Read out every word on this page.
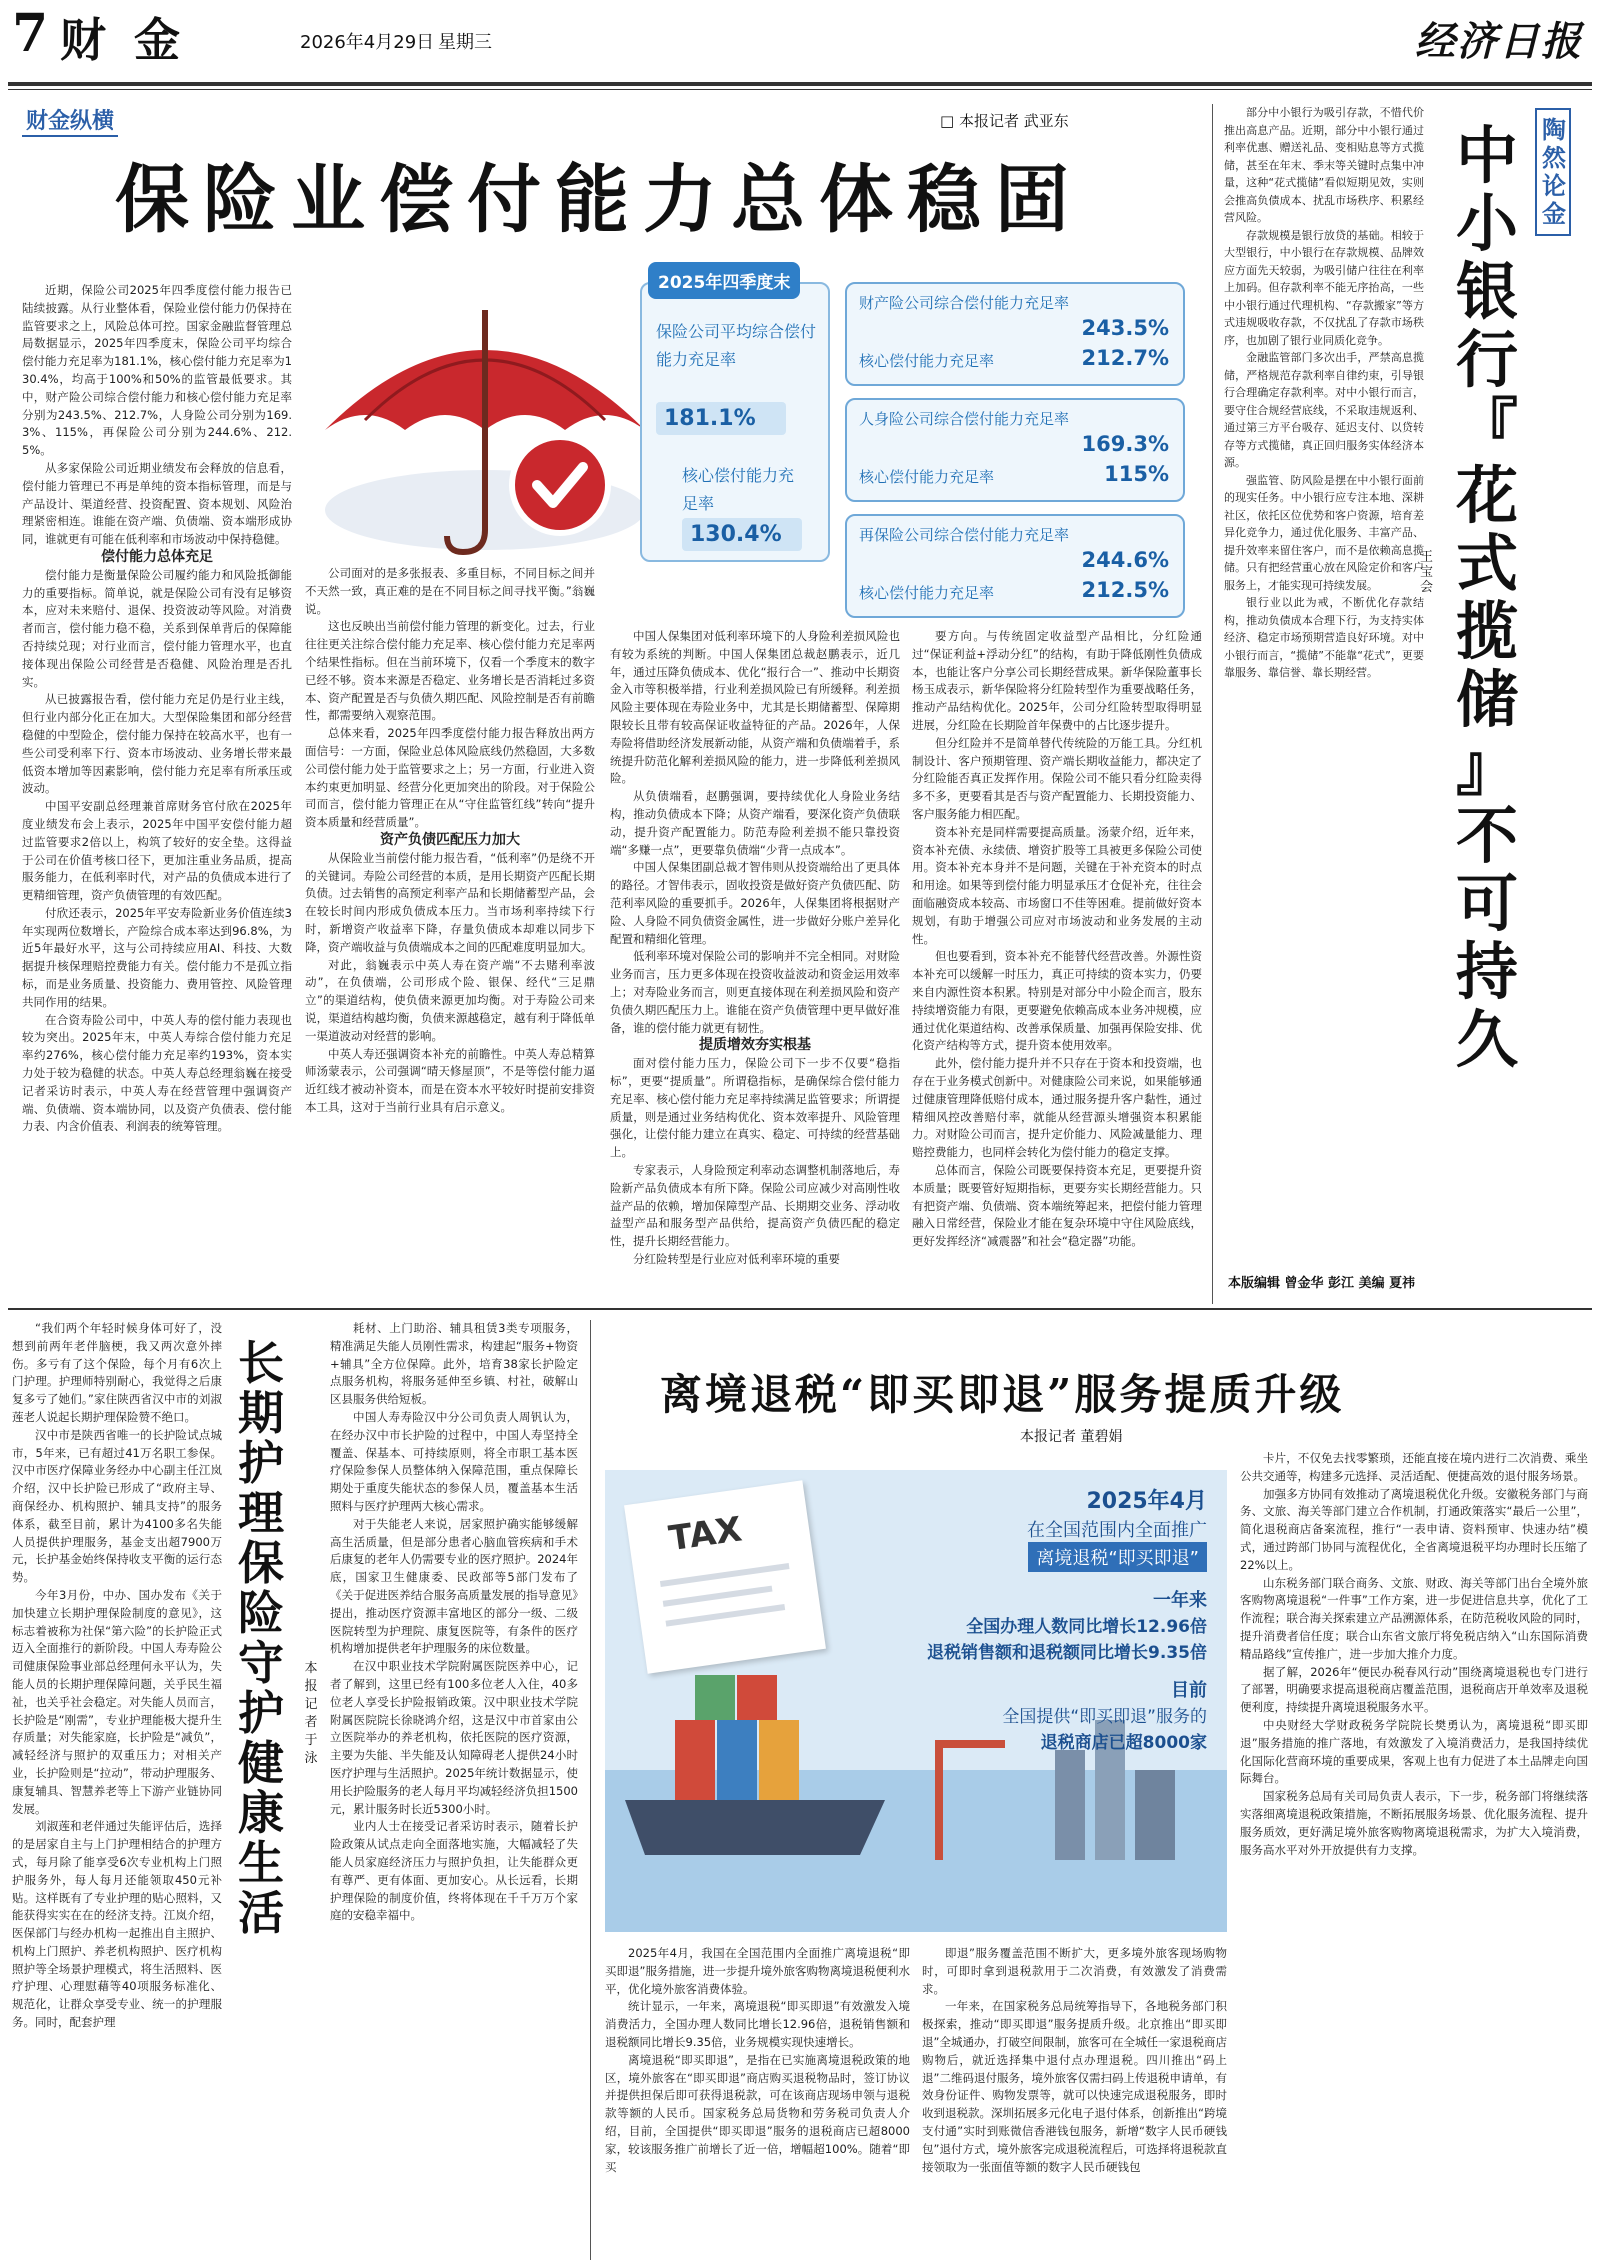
7 财 金	2026年4月29日 星期三	经济日报
财金纵横	□ 本报记者 武亚东
保险业偿付能力总体稳固
2025年四季度末
保险公司平均综合偿付能力充足率
181.1%
核心偿付能力充足率
130.4%
财产险公司综合偿付能力充足率
243.5%
核心偿付能力充足率	212.7%
人身险公司综合偿付能力充足率
169.3%
核心偿付能力充足率	115%
再保险公司综合偿付能力充足率
244.6%
核心偿付能力充足率	212.5%

近期，保险公司2025年四季度偿付能力报告已陆续披露。从行业整体看，保险业偿付能力仍保持在监管要求之上，风险总体可控。国家金融监督管理总局数据显示，2025年四季度末，保险公司平均综合偿付能力充足率为181.1%，核心偿付能力充足率为130.4%，均高于100%和50%的监管最低要求。其中，财产险公司综合偿付能力和核心偿付能力充足率分别为243.5%、212.7%，人身险公司分别为169.3%、115%，再保险公司分别为244.6%、212.5%。

从多家保险公司近期业绩发布会释放的信息看，偿付能力管理已不再是单纯的资本指标管理，而是与产品设计、渠道经营、投资配置、资本规划、风险治理紧密相连。谁能在资产端、负债端、资本端形成协同，谁就更有可能在低利率和市场波动中保持稳健。

偿付能力总体充足

偿付能力是衡量保险公司履约能力和风险抵御能力的重要指标。简单说，就是保险公司有没有足够资本，应对未来赔付、退保、投资波动等风险。对消费者而言，偿付能力稳不稳，关系到保单背后的保障能否持续兑现；对行业而言，偿付能力管理水平，也直接体现出保险公司经营是否稳健、风险治理是否扎实。

从已披露报告看，偿付能力充足仍是行业主线，但行业内部分化正在加大。大型保险集团和部分经营稳健的中型险企，偿付能力保持在较高水平，也有一些公司受利率下行、资本市场波动、业务增长带来最低资本增加等因素影响，偿付能力充足率有所承压或波动。

中国平安副总经理兼首席财务官付欣在2025年度业绩发布会上表示，2025年中国平安偿付能力超过监管要求2倍以上，构筑了较好的安全垫。这得益于公司在价值考核口径下，更加注重业务品质，提高服务能力，在低利率时代，对产品的负债成本进行了更精细管理，资产负债管理的有效匹配。

付欣还表示，2025年平安寿险新业务价值连续3年实现两位数增长，产险综合成本率达到96.8%，为近5年最好水平，这与公司持续应用AI、科技、大数据提升核保理赔控费能力有关。偿付能力不是孤立指标，而是业务质量、投资能力、费用管控、风险管理共同作用的结果。

在合资寿险公司中，中英人寿的偿付能力表现也较为突出。2025年末，中英人寿综合偿付能力充足率约276%，核心偿付能力充足率约193%，资本实力处于较为稳健的状态。中英人寿总经理翁巍在接受记者采访时表示，中英人寿在经营管理中强调资产端、负债端、资本端协同，以及资产负债表、偿付能力表、内含价值表、利润表的统筹管理。

公司面对的是多张报表、多重目标，不同目标之间并不天然一致，真正难的是在不同目标之间寻找平衡。”翁巍说。

这也反映出当前偿付能力管理的新变化。过去，行业往往更关注综合偿付能力充足率、核心偿付能力充足率两个结果性指标。但在当前环境下，仅看一个季度末的数字已经不够。资本来源是否稳定、业务增长是否消耗过多资本、资产配置是否与负债久期匹配、风险控制是否有前瞻性，都需要纳入观察范围。

总体来看，2025年四季度偿付能力报告释放出两方面信号：一方面，保险业总体风险底线仍然稳固，大多数公司偿付能力处于监管要求之上；另一方面，行业进入资本约束更加明显、经营分化更加突出的阶段。对于保险公司而言，偿付能力管理正在从“守住监管红线”转向“提升资本质量和经营质量”。

资产负债匹配压力加大

从保险业当前偿付能力报告看，“低利率”仍是绕不开的关键词。寿险公司经营的本质，是用长期资产匹配长期负债。过去销售的高预定利率产品和长期储蓄型产品，会在较长时间内形成负债成本压力。当市场利率持续下行时，新增资产收益率下降，存量负债成本却难以同步下降，资产端收益与负债端成本之间的匹配难度明显加大。

对此，翁巍表示中英人寿在资产端“不去赌利率波动”，在负债端，公司形成个险、银保、经代“三足鼎立”的渠道结构，使负债来源更加均衡。对于寿险公司来说，渠道结构越均衡，负债来源越稳定，越有利于降低单一渠道波动对经营的影响。

中英人寿还强调资本补充的前瞻性。中英人寿总精算师汤蒙表示，公司强调“晴天修屋顶”，不是等偿付能力逼近红线才被动补资本，而是在资本水平较好时提前安排资本工具，这对于当前行业具有启示意义。

中国人保集团对低利率环境下的人身险利差损风险也有较为系统的判断。中国人保集团总裁赵鹏表示，近几年，通过压降负债成本、优化“报行合一”、推动中长期资金入市等积极举措，行业利差损风险已有所缓释。利差损风险主要体现在寿险业务中，尤其是长期储蓄型、保障期限较长且带有较高保证收益特征的产品。2026年，人保寿险将借助经济发展新动能，从资产端和负债端着手，系统提升防范化解利差损风险的能力，进一步降低利差损风险。

从负债端看，赵鹏强调，要持续优化人身险业务结构，推动负债成本下降；从资产端看，要深化资产负债联动，提升资产配置能力。防范寿险利差损不能只靠投资端“多赚一点”，更要靠负债端“少背一点成本”。

中国人保集团副总裁才智伟则从投资端给出了更具体的路径。才智伟表示，固收投资是做好资产负债匹配、防范利率风险的重要抓手。2026年，人保集团将根据财产险、人身险不同负债资金属性，进一步做好分账户差异化配置和精细化管理。

低利率环境对保险公司的影响并不完全相同。对财险业务而言，压力更多体现在投资收益波动和资金运用效率上；对寿险业务而言，则更直接体现在利差损风险和资产负债久期匹配压力上。谁能在资产负债管理中更早做好准备，谁的偿付能力就更有韧性。

提质增效夯实根基

面对偿付能力压力，保险公司下一步不仅要“稳指标”，更要“提质量”。所谓稳指标，是确保综合偿付能力充足率、核心偿付能力充足率持续满足监管要求；所谓提质量，则是通过业务结构优化、资本效率提升、风险管理强化，让偿付能力建立在真实、稳定、可持续的经营基础上。

专家表示，人身险预定利率动态调整机制落地后，寿险新产品负债成本有所下降。保险公司应减少对高刚性收益产品的依赖，增加保障型产品、长期期交业务、浮动收益型产品和服务型产品供给，提高资产负债匹配的稳定性，提升长期经营能力。

分红险转型是行业应对低利率环境的重要

要方向。与传统固定收益型产品相比，分红险通过“保证利益+浮动分红”的结构，有助于降低刚性负债成本，也能让客户分享公司长期经营成果。新华保险董事长杨玉成表示，新华保险将分红险转型作为重要战略任务，推动产品结构优化。2025年，公司分红险转型取得明显进展，分红险在长期险首年保费中的占比逐步提升。

但分红险并不是简单替代传统险的万能工具。分红机制设计、客户预期管理、资产端长期收益能力，都决定了分红险能否真正发挥作用。保险公司不能只看分红险卖得多不多，更要看其是否与资产配置能力、长期投资能力、客户服务能力相匹配。

资本补充是同样需要提高质量。汤蒙介绍，近年来，资本补充债、永续债、增资扩股等工具被更多保险公司使用。资本补充本身并不是问题，关键在于补充资本的时点和用途。如果等到偿付能力明显承压才仓促补充，往往会面临融资成本较高、市场窗口不佳等困难。提前做好资本规划，有助于增强公司应对市场波动和业务发展的主动性。

但也要看到，资本补充不能替代经营改善。外源性资本补充可以缓解一时压力，真正可持续的资本实力，仍要来自内源性资本积累。特别是对部分中小险企而言，股东持续增资能力有限，更要避免依赖高成本业务冲规模，应通过优化渠道结构、改善承保质量、加强再保险安排、优化资产结构等方式，提升资本使用效率。

此外，偿付能力提升并不只存在于资本和投资端，也存在于业务模式创新中。对健康险公司来说，如果能够通过健康管理降低赔付成本，通过服务提升客户黏性，通过精细风控改善赔付率，就能从经营源头增强资本积累能力。对财险公司而言，提升定价能力、风险减量能力、理赔控费能力，也同样会转化为偿付能力的稳定支撑。

总体而言，保险公司既要保持资本充足，更要提升资本质量；既要管好短期指标，更要夯实长期经营能力。只有把资产端、负债端、资本端统筹起来，把偿付能力管理融入日常经营，保险业才能在复杂环境中守住风险底线，更好发挥经济“减震器”和社会“稳定器”功能。

陶然论金
中
小
银
行
『
花
式
揽
储
』
不
可
持
久
王宝会

部分中小银行为吸引存款，不惜代价推出高息产品。近期，部分中小银行通过利率优惠、赠送礼品、变相贴息等方式揽储，甚至在年末、季末等关键时点集中冲量，这种“花式揽储”看似短期见效，实则会推高负债成本、扰乱市场秩序、积累经营风险。

存款规模是银行放贷的基础。相较于大型银行，中小银行在存款规模、品牌效应方面先天较弱，为吸引储户往往在利率上加码。但存款利率不能无序抬高，一些中小银行通过代理机构、“存款搬家”等方式违规吸收存款，不仅扰乱了存款市场秩序，也加剧了银行业同质化竞争。

金融监管部门多次出手，严禁高息揽储，严格规范存款利率自律约束，引导银行合理确定存款利率。对中小银行而言，要守住合规经营底线，不采取违规返利、通过第三方平台吸存、延迟支付、以贷转存等方式揽储，真正回归服务实体经济本源。

强监管、防风险是摆在中小银行面前的现实任务。中小银行应专注本地、深耕社区，依托区位优势和客户资源，培育差异化竞争力，通过优化服务、丰富产品、提升效率来留住客户，而不是依赖高息揽储。只有把经营重心放在风险定价和客户服务上，才能实现可持续发展。

银行业以此为戒，不断优化存款结构，推动负债成本合理下行，为支持实体经济、稳定市场预期营造良好环境。对中小银行而言，“揽储”不能靠“花式”，更要靠服务、靠信誉、靠长期经营。

本版编辑 曾金华 彭江 美编 夏祎
长
期
护
理
保
险
守
护
健
康
生
活
本
报
记
者
于
泳

“我们两个年轻时候身体可好了，没想到前两年老伴脑梗，我又两次意外摔伤。多亏有了这个保险，每个月有6次上门护理。护理师特别耐心，我觉得之后康复多亏了她们。”家住陕西省汉中市的刘淑莲老人说起长期护理保险赞不绝口。

汉中市是陕西省唯一的长护险试点城市，5年来，已有超过41万名职工参保。汉中市医疗保障业务经办中心副主任江岚介绍，汉中长护险已形成了“政府主导、商保经办、机构照护、辅具支持”的服务体系，截至目前，累计为4100多名失能人员提供护理服务，基金支出超7900万元，长护基金始终保持收支平衡的运行态势。

今年3月份，中办、国办发布《关于加快建立长期护理保险制度的意见》，这标志着被称为社保“第六险”的长护险正式迈入全面推行的新阶段。中国人寿寿险公司健康保险事业部总经理何永平认为，失能人员的长期护理保障问题，关乎民生福祉，也关乎社会稳定。对失能人员而言，长护险是“刚需”，专业护理能极大提升生存质量；对失能家庭，长护险是“减负”，减轻经济与照护的双重压力；对相关产业，长护险则是“拉动”，带动护理服务、康复辅具、智慧养老等上下游产业链协同发展。

刘淑莲和老伴通过失能评估后，选择的是居家自主与上门护理相结合的护理方式，每月除了能享受6次专业机构上门照护服务外，每人每月还能领取450元补贴。这样既有了专业护理的贴心照料，又能获得实实在在的经济支持。江岚介绍，医保部门与经办机构一起推出自主照护、机构上门照护、养老机构照护、医疗机构照护等全场景护理模式，将生活照料、医疗护理、心理慰藉等40项服务标准化、规范化，让群众享受专业、统一的护理服务。同时，配套护理

耗材、上门助浴、辅具租赁3类专项服务，精准满足失能人员刚性需求，构建起“服务+物资+辅具”全方位保障。此外，培育38家长护险定点服务机构，将服务延伸至乡镇、村社，破解山区县服务供给短板。

中国人寿寿险汉中分公司负责人周钒认为，在经办汉中市长护险的过程中，中国人寿坚持全覆盖、保基本、可持续原则，将全市职工基本医疗保险参保人员整体纳入保障范围，重点保障长期处于重度失能状态的参保人员，覆盖基本生活照料与医疗护理两大核心需求。

对于失能老人来说，居家照护确实能够缓解高生活质量，但是部分患者心脑血管疾病和手术后康复的老年人仍需要专业的医疗照护。2024年底，国家卫生健康委、民政部等5部门发布了《关于促进医养结合服务高质量发展的指导意见》提出，推动医疗资源丰富地区的部分一级、二级医院转型为护理院、康复医院等，有条件的医疗机构增加提供老年护理服务的床位数量。

在汉中职业技术学院附属医院医养中心，记者了解到，这里已经有100多位老人入住，40多位老人享受长护险报销政策。汉中职业技术学院附属医院院长徐晓鸿介绍，这是汉中市首家由公立医院举办的养老机构，依托医院的医疗资源，主要为失能、半失能及认知障碍老人提供24小时医疗护理与生活照护。2025年统计数据显示，使用长护险服务的老人每月平均减轻经济负担1500元，累计服务时长近5300小时。

业内人士在接受记者采访时表示，随着长护险政策从试点走向全面落地实施，大幅减轻了失能人员家庭经济压力与照护负担，让失能群众更有尊严、更有体面、更加安心。从长远看，长期护理保险的制度价值，终将体现在千千万万个家庭的安稳幸福中。

离境退税“即买即退”服务提质升级
本报记者 董碧娟
TAX
2025年4月
在全国范围内全面推广
离境退税“即买即退”
一年来
全国办理人数同比增长12.96倍
退税销售额和退税额同比增长9.35倍
目前
全国提供“即买即退”服务的
退税商店已超8000家

2025年4月，我国在全国范围内全面推广离境退税“即买即退”服务措施，进一步提升境外旅客购物离境退税便利水平，优化境外旅客消费体验。

统计显示，一年来，离境退税“即买即退”有效激发入境消费活力，全国办理人数同比增长12.96倍，退税销售额和退税额同比增长9.35倍，业务规模实现快速增长。

离境退税“即买即退”，是指在已实施离境退税政策的地区，境外旅客在“即买即退”商店购买退税物品时，签订协议并提供担保后即可获得退税款，可在该商店现场申领与退税款等额的人民币。国家税务总局货物和劳务税司负责人介绍，目前，全国提供“即买即退”服务的退税商店已超8000家，较该服务推广前增长了近一倍，增幅超100%。随着“即买

即退”服务覆盖范围不断扩大，更多境外旅客现场购物时，可即时拿到退税款用于二次消费，有效激发了消费需求。

一年来，在国家税务总局统筹指导下，各地税务部门积极探索，推动“即买即退”服务提质升级。北京推出“即买即退”全城通办，打破空间限制，旅客可在全城任一家退税商店购物后，就近选择集中退付点办理退税。四川推出“码上退”二维码退付服务，境外旅客仅需扫码上传退税申请单，有效身份证件、购物发票等，就可以快速完成退税服务，即时收到退税款。深圳拓展多元化电子退付体系，创新推出“跨境支付通”实时到账微信香港钱包服务，新增“数字人民币硬钱包”退付方式，境外旅客完成退税流程后，可选择将退税款直接领取为一张面值等额的数字人民币硬钱包

卡片，不仅免去找零繁琐，还能直接在境内进行二次消费、乘坐公共交通等，构建多元选择、灵活适配、便捷高效的退付服务场景。

加强多方协同有效推动了离境退税优化升级。安徽税务部门与商务、文旅、海关等部门建立合作机制，打通政策落实“最后一公里”，简化退税商店备案流程，推行“一表申请、资料预审、快速办结”模式，通过跨部门协同与流程优化，全省离境退税平均办理时长压缩了22%以上。

山东税务部门联合商务、文旅、财政、海关等部门出台全境外旅客购物离境退税“一件事”工作方案，进一步促进信息共享，优化了工作流程；联合海关探索建立产品溯源体系，在防范税收风险的同时，提升消费者信任度；联合山东省文旅厅将免税店纳入“山东国际消费精品路线”宣传推广，进一步加大推介力度。

据了解，2026年“便民办税春风行动”围绕离境退税也专门进行了部署，明确要求提高退税商店覆盖范围，退税商店开单效率及退税便利度，持续提升离境退税服务水平。

中央财经大学财政税务学院院长樊勇认为，离境退税“即买即退”服务措施的推广落地，有效激发了入境消费活力，是我国持续优化国际化营商环境的重要成果，客观上也有力促进了本土品牌走向国际舞台。

国家税务总局有关司局负责人表示，下一步，税务部门将继续落实落细离境退税政策措施，不断拓展服务场景、优化服务流程、提升服务质效，更好满足境外旅客购物离境退税需求，为扩大入境消费，服务高水平对外开放提供有力支撑。
